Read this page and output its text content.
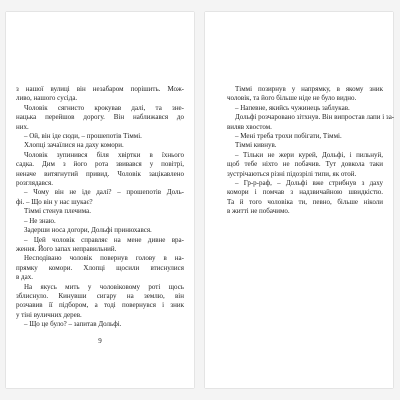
з нашої вулиці він незабаром порішить. Мож-
ливо, нашого сусіда.
Чоловік сягнисто крокував далі, та зне-
нацька перейшов дорогу. Він наближався до
них.
– Ой, він іде сюди, – прошепотів Тіммі.
Хлопці зачаїлися на даху комори.
Чоловік зупинився біля хвіртки в їхнього
садка. Дим з його рота звивався у повітрі,
неначе витягнутий привид. Чоловік зацікавлено
розглядався.
– Чому він не іде далі? – прошепотів Доль-
фі. – Що він у нас шукає?
Тіммі стенув плечима.
– Не знаю.
Задерши носа догори, Дольфі принюхався.
– Цей чоловік справляє на мене дивне вра-
ження. Його запах неправильний.
Несподівано чоловік повернув голову в на-
прямку комори. Хлопці щосили втиснулися
в дах.
На якусь мить у чоловіковому роті щось
зблиснуло. Кинувши сигару на землю, він
розчавив її підбором, а тоді повернувся і зник
у тіні вуличних дерев.
– Що це було? – запитав Дольфі.
9
Тіммі позирнув у напрямку, в якому зник
чоловік, та його більше ніде не було видно.
– Напевне, якийсь чужинець заблукав.
Дольфі розчаровано зітхнув. Він випростав лапи і за-
виляв хвостом.
– Мені треба трохи побігати, Тіммі.
Тіммі кивнув.
– Тільки не жери курей, Дольфі, і пильнуй,
щоб тебе ніхто не побачив. Тут довкола таки
зустрічаються різні підозрілі типи, як отой.
– Гр-р-раф, – Дольфі вже стрибнув з даху
комори і помчав з надзвичайною швидкістю.
Та й того чоловіка ти, певно, більше ніколи
в житті не побачимо.
